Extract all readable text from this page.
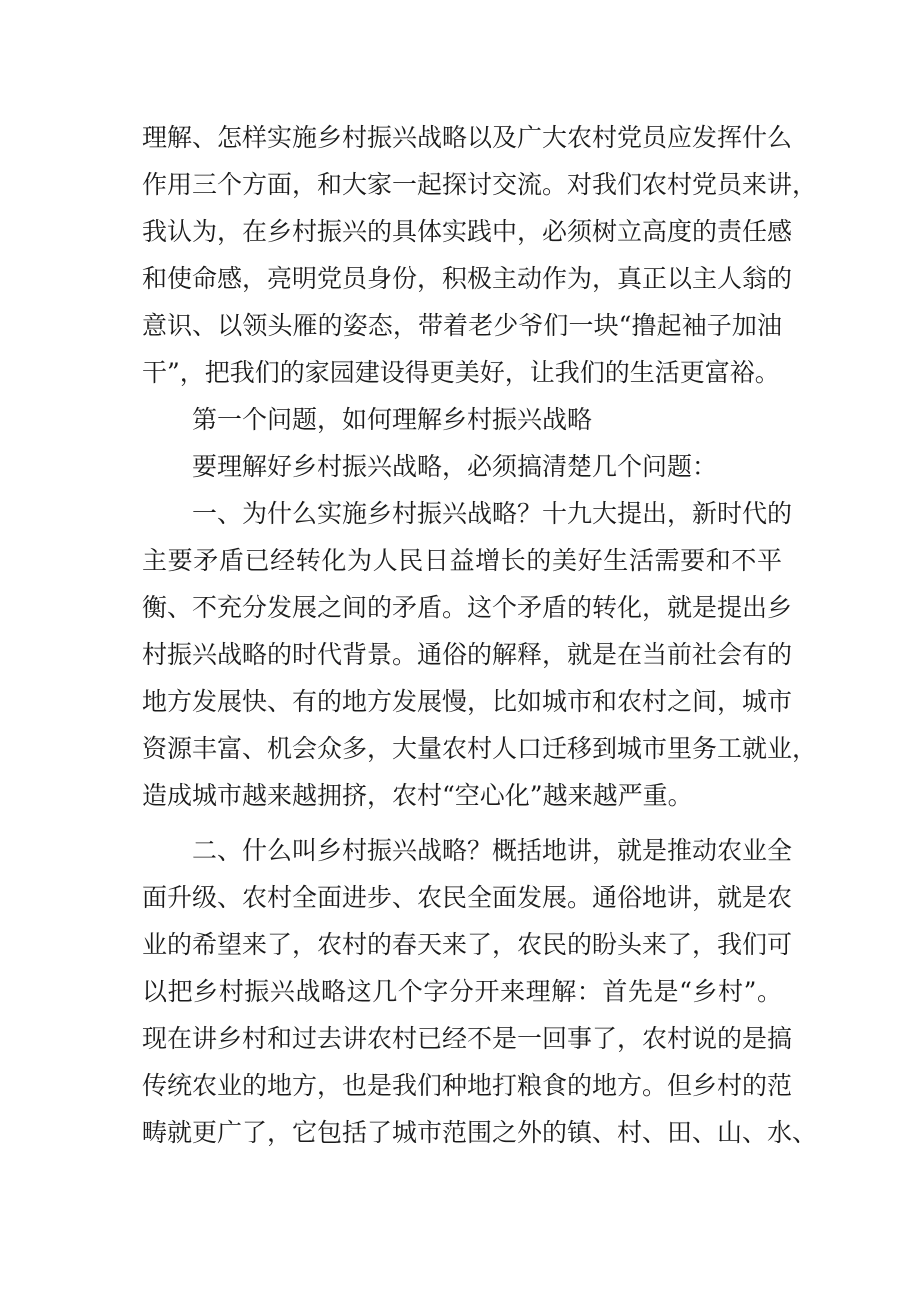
理解、怎样实施乡村振兴战略以及广大农村党员应发挥什么
作用三个方面，和大家一起探讨交流。对我们农村党员来讲，
我认为，在乡村振兴的具体实践中，必须树立高度的责任感
和使命感，亮明党员身份，积极主动作为，真正以主人翁的
意识、以领头雁的姿态，带着老少爷们一块“撸起袖子加油
干”，把我们的家园建设得更美好，让我们的生活更富裕。
第一个问题，如何理解乡村振兴战略
要理解好乡村振兴战略，必须搞清楚几个问题：
一、为什么实施乡村振兴战略？十九大提出，新时代的
主要矛盾已经转化为人民日益增长的美好生活需要和不平
衡、不充分发展之间的矛盾。这个矛盾的转化，就是提出乡
村振兴战略的时代背景。通俗的解释，就是在当前社会有的
地方发展快、有的地方发展慢，比如城市和农村之间，城市
资源丰富、机会众多，大量农村人口迁移到城市里务工就业，
造成城市越来越拥挤，农村“空心化”越来越严重。
二、什么叫乡村振兴战略？概括地讲，就是推动农业全
面升级、农村全面进步、农民全面发展。通俗地讲，就是农
业的希望来了，农村的春天来了，农民的盼头来了，我们可
以把乡村振兴战略这几个字分开来理解：首先是“乡村”。
现在讲乡村和过去讲农村已经不是一回事了，农村说的是搞
传统农业的地方，也是我们种地打粮食的地方。但乡村的范
畴就更广了，它包括了城市范围之外的镇、村、田、山、水、
